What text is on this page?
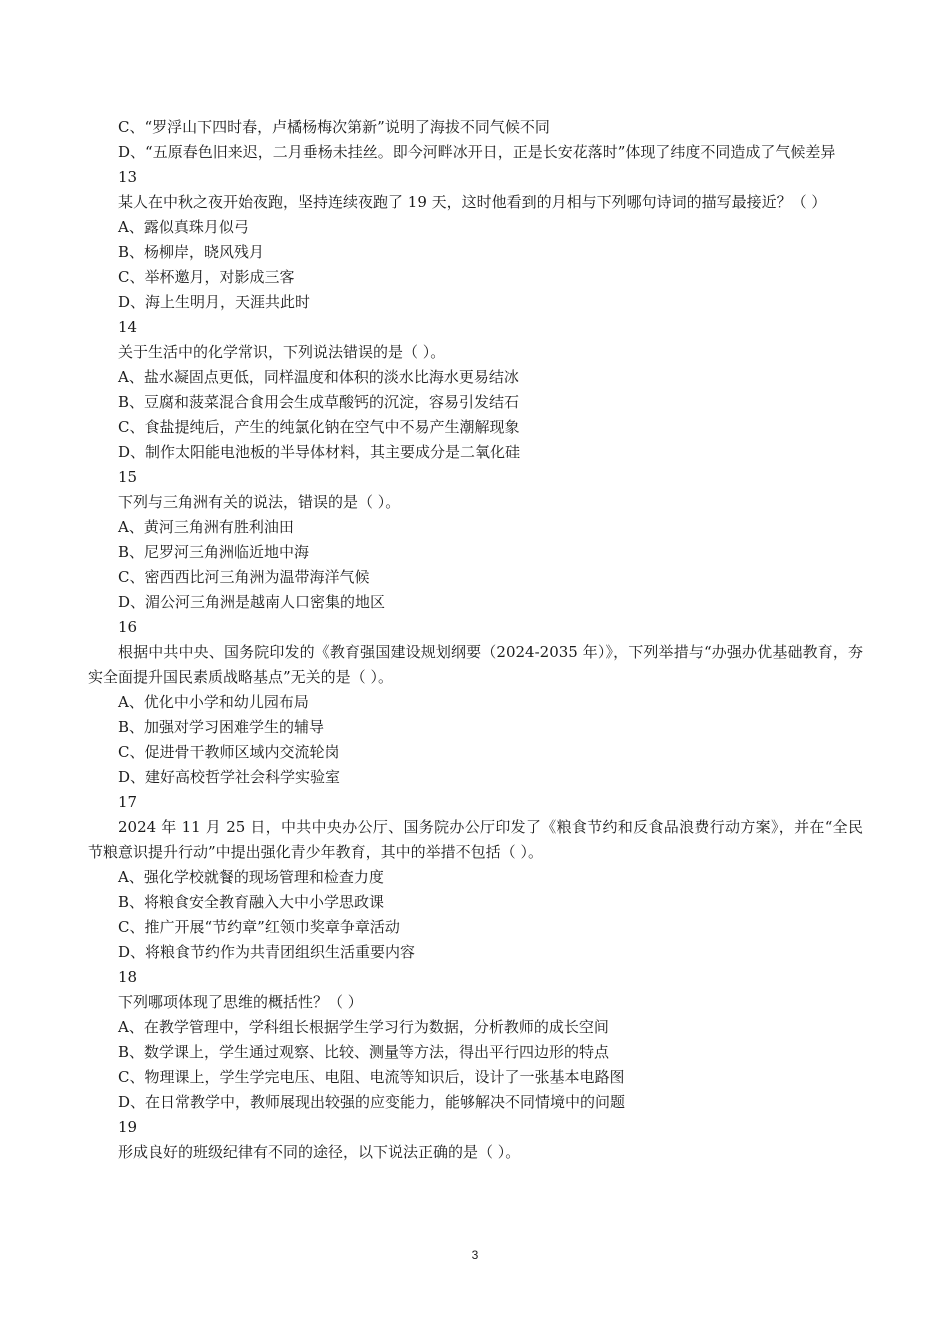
C、“罗浮山下四时春，卢橘杨梅次第新”说明了海拔不同气候不同
D、“五原春色旧来迟，二月垂杨未挂丝。即今河畔冰开日，正是长安花落时”体现了纬度不同造成了气候差异
13
某人在中秋之夜开始夜跑，坚持连续夜跑了 19 天，这时他看到的月相与下列哪句诗词的描写最接近？（ ）
A、露似真珠月似弓
B、杨柳岸，晓风残月
C、举杯邀月，对影成三客
D、海上生明月，天涯共此时
14
关于生活中的化学常识，下列说法错误的是（ ）。
A、盐水凝固点更低，同样温度和体积的淡水比海水更易结冰
B、豆腐和菠菜混合食用会生成草酸钙的沉淀，容易引发结石
C、食盐提纯后，产生的纯氯化钠在空气中不易产生潮解现象
D、制作太阳能电池板的半导体材料，其主要成分是二氧化硅
15
下列与三角洲有关的说法，错误的是（ ）。
A、黄河三角洲有胜利油田
B、尼罗河三角洲临近地中海
C、密西西比河三角洲为温带海洋气候
D、湄公河三角洲是越南人口密集的地区
16
根据中共中央、国务院印发的《教育强国建设规划纲要（2024-2035 年）》，下列举措与“办强办优基础教育，夯实全面提升国民素质战略基点”无关的是（ ）。
A、优化中小学和幼儿园布局
B、加强对学习困难学生的辅导
C、促进骨干教师区域内交流轮岗
D、建好高校哲学社会科学实验室
17
2024 年 11 月 25 日，中共中央办公厅、国务院办公厅印发了《粮食节约和反食品浪费行动方案》，并在“全民节粮意识提升行动”中提出强化青少年教育，其中的举措不包括（ ）。
A、强化学校就餐的现场管理和检查力度
B、将粮食安全教育融入大中小学思政课
C、推广开展“节约章”红领巾奖章争章活动
D、将粮食节约作为共青团组织生活重要内容
18
下列哪项体现了思维的概括性？（ ）
A、在教学管理中，学科组长根据学生学习行为数据，分析教师的成长空间
B、数学课上，学生通过观察、比较、测量等方法，得出平行四边形的特点
C、物理课上，学生学完电压、电阻、电流等知识后，设计了一张基本电路图
D、在日常教学中，教师展现出较强的应变能力，能够解决不同情境中的问题
19
形成良好的班级纪律有不同的途径，以下说法正确的是（ ）。
3
